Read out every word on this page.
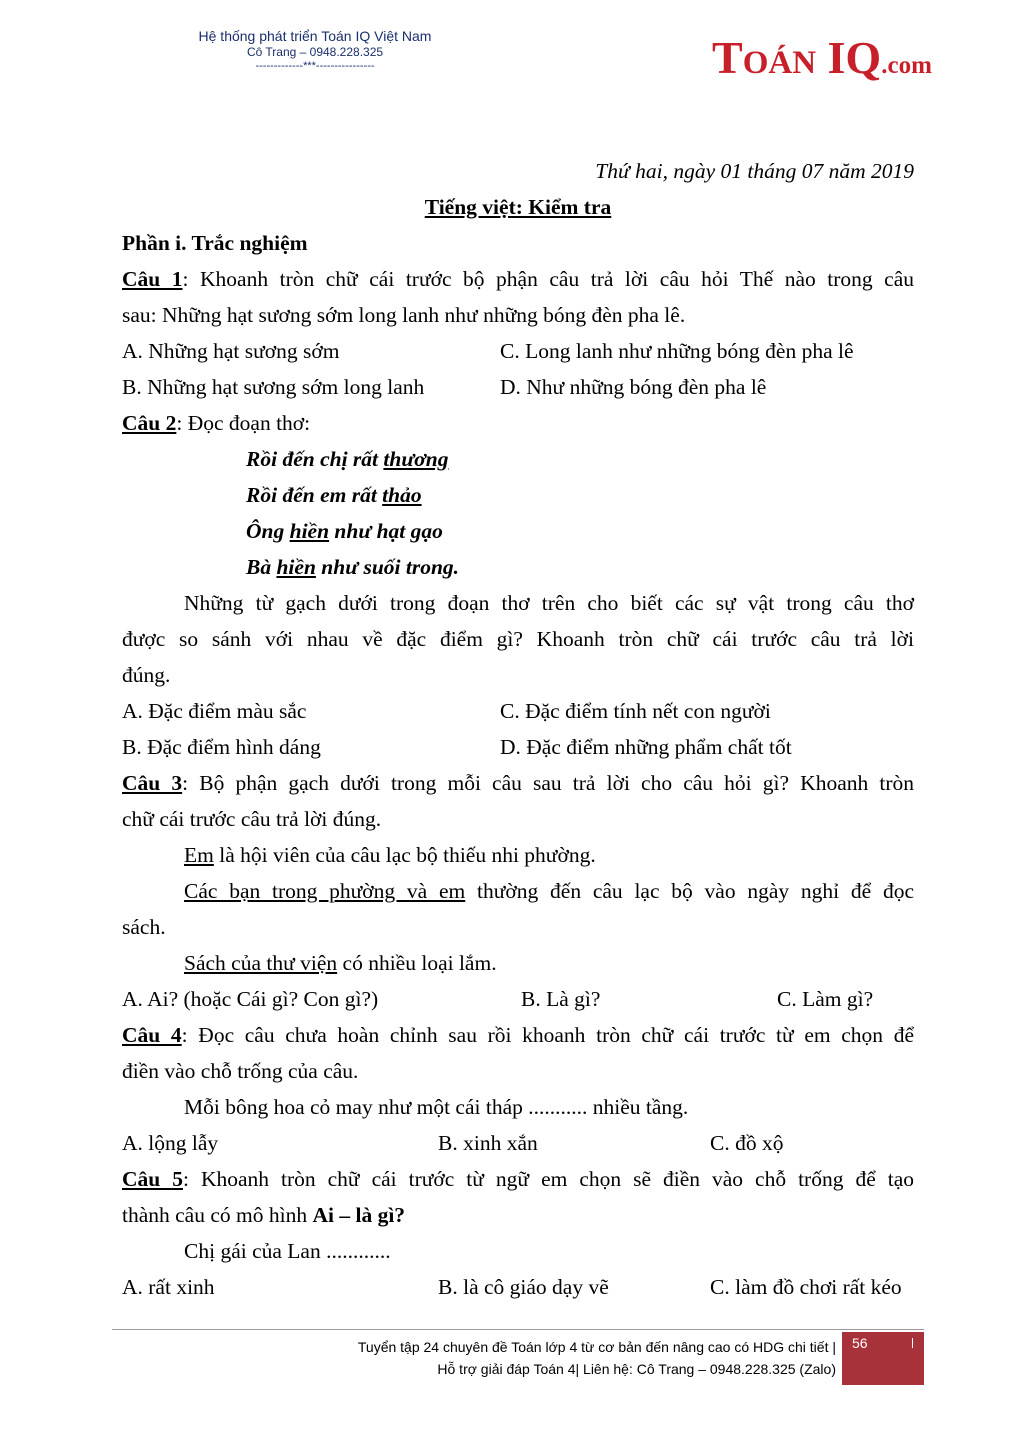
Hệ thống phát triển Toán IQ Việt Nam
Cô Trang – 0948.228.325
-------------***----------------	TOÁN IQ.com
Thứ hai, ngày 01 tháng 07 năm 2019
Tiếng việt: Kiểm tra
Phần i. Trắc nghiệm
Câu 1: Khoanh tròn chữ cái trước bộ phận câu trả lời câu hỏi Thế nào trong câu
sau: Những hạt sương sớm long lanh như những bóng đèn pha lê.
A. Những hạt sương sớm	C. Long lanh như những bóng đèn pha lê
B. Những hạt sương sớm long lanh	D. Như những bóng đèn pha lê
Câu 2: Đọc đoạn thơ:
Rồi đến chị rất thương
Rồi đến em rất thảo
Ông hiền như hạt gạo
Bà hiền như suối trong.
Những từ gạch dưới trong đoạn thơ trên cho biết các sự vật trong câu thơ
được so sánh với nhau về đặc điểm gì? Khoanh tròn chữ cái trước câu trả lời
đúng.
A. Đặc điểm màu sắc	C. Đặc điểm tính nết con người
B. Đặc điểm hình dáng	D. Đặc điểm những phẩm chất tốt
Câu 3: Bộ phận gạch dưới trong mỗi câu sau trả lời cho câu hỏi gì? Khoanh tròn
chữ cái trước câu trả lời đúng.
Em là hội viên của câu lạc bộ thiếu nhi phường.
Các bạn trong phường và em thường đến câu lạc bộ vào ngày nghỉ để đọc
sách.
Sách của thư viện có nhiều loại lắm.
A. Ai? (hoặc Cái gì? Con gì?)	B. Là gì?	C. Làm gì?
Câu 4: Đọc câu chưa hoàn chỉnh sau rồi khoanh tròn chữ cái trước từ em chọn để
điền vào chỗ trống của câu.
Mỗi bông hoa cỏ may như một cái tháp ........... nhiều tầng.
A. lộng lẫy	B. xinh xắn	C. đồ xộ
Câu 5: Khoanh tròn chữ cái trước từ ngữ em chọn sẽ điền vào chỗ trống để tạo
thành câu có mô hình Ai – là gì?
Chị gái của Lan ............
A. rất xinh	B. là cô giáo dạy vẽ	C. làm đồ chơi rất kéo
Tuyển tập 24 chuyên đề Toán lớp 4 từ cơ bản đến nâng cao có HDG chi tiết |
Hỗ trợ giải đáp Toán 4| Liên hệ: Cô Trang – 0948.228.325 (Zalo)
56
